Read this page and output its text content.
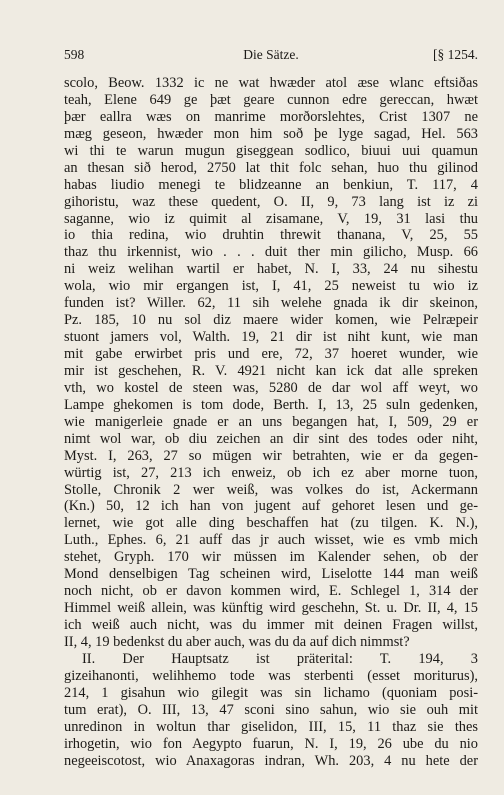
598	Die Sätze.	[§ 1254.
scolo, Beow. 1332 ic ne wat hwæder atol æse wlanc eftsiðas
teah, Elene 649 ge þæt geare cunnon edre gereccan, hwæt
þær eallra wæs on manrime morðorslehtes, Crist 1307 ne
mæg geseon, hwæder mon him soð þe lyge sagad, Hel. 563
wi thi te warun mugun giseggean sodlico, biuui uui quamun
an thesan sið herod, 2750 lat thit folc sehan, huo thu gilinod
habas liudio menegi te blidzeanne an benkiun, T. 117, 4
gihoristu, waz these quedent, O. II, 9, 73 lang ist iz zi
saganne, wio iz quimit al zisamane, V, 19, 31 lasi thu
io thia redina, wio druhtin threwit thanana, V, 25, 55
thaz thu irkennist, wio . . . duit ther min gilicho, Musp. 66
ni weiz welihan wartil er habet, N. I, 33, 24 nu sihestu
wola, wio mir ergangen ist, I, 41, 25 neweist tu wio iz
funden ist? Willer. 62, 11 sih welehe gnada ik dir skeinon,
Pz. 185, 10 nu sol diz maere wider komen, wie Pelræpeir
stuont jamers vol, Walth. 19, 21 dir ist niht kunt, wie man
mit gabe erwirbet pris und ere, 72, 37 hoeret wunder, wie
mir ist geschehen, R. V. 4921 nicht kan ick dat alle spreken
vth, wo kostel de steen was, 5280 de dar wol aff weyt, wo
Lampe ghekomen is tom dode, Berth. I, 13, 25 suln gedenken,
wie manigerleie gnade er an uns begangen hat, I, 509, 29 er
nimt wol war, ob diu zeichen an dir sint des todes oder niht,
Myst. I, 263, 27 so mügen wir betrahten, wie er da gegen-
würtig ist, 27, 213 ich enweiz, ob ich ez aber morne tuon,
Stolle, Chronik 2 wer weiß, was volkes do ist, Ackermann
(Kn.) 50, 12 ich han von jugent auf gehoret lesen und ge-
lernet, wie got alle ding beschaffen hat (zu tilgen. K. N.),
Luth., Ephes. 6, 21 auff das jr auch wisset, wie es vmb mich
stehet, Gryph. 170 wir müssen im Kalender sehen, ob der
Mond denselbigen Tag scheinen wird, Liselotte 144 man weiß
noch nicht, ob er davon kommen wird, E. Schlegel 1, 314 der
Himmel weiß allein, was künftig wird geschehn, St. u. Dr. II, 4, 15
ich weiß auch nicht, was du immer mit deinen Fragen willst,
II, 4, 19 bedenkst du aber auch, was du da auf dich nimmst?
II. Der Hauptsatz ist präterital: T. 194, 3
gizeihanonti, welihhemo tode was sterbenti (esset moriturus),
214, 1 gisahun wio gilegit was sin lichamo (quoniam posi-
tum erat), O. III, 13, 47 sconi sino sahun, wio sie ouh mit
unredinon in woltun thar giselidon, III, 15, 11 thaz sie thes
irhogetin, wio fon Aegypto fuarun, N. I, 19, 26 ube du nio
negeeiscotost, wio Anaxagoras indran, Wh. 203, 4 nu hete der
